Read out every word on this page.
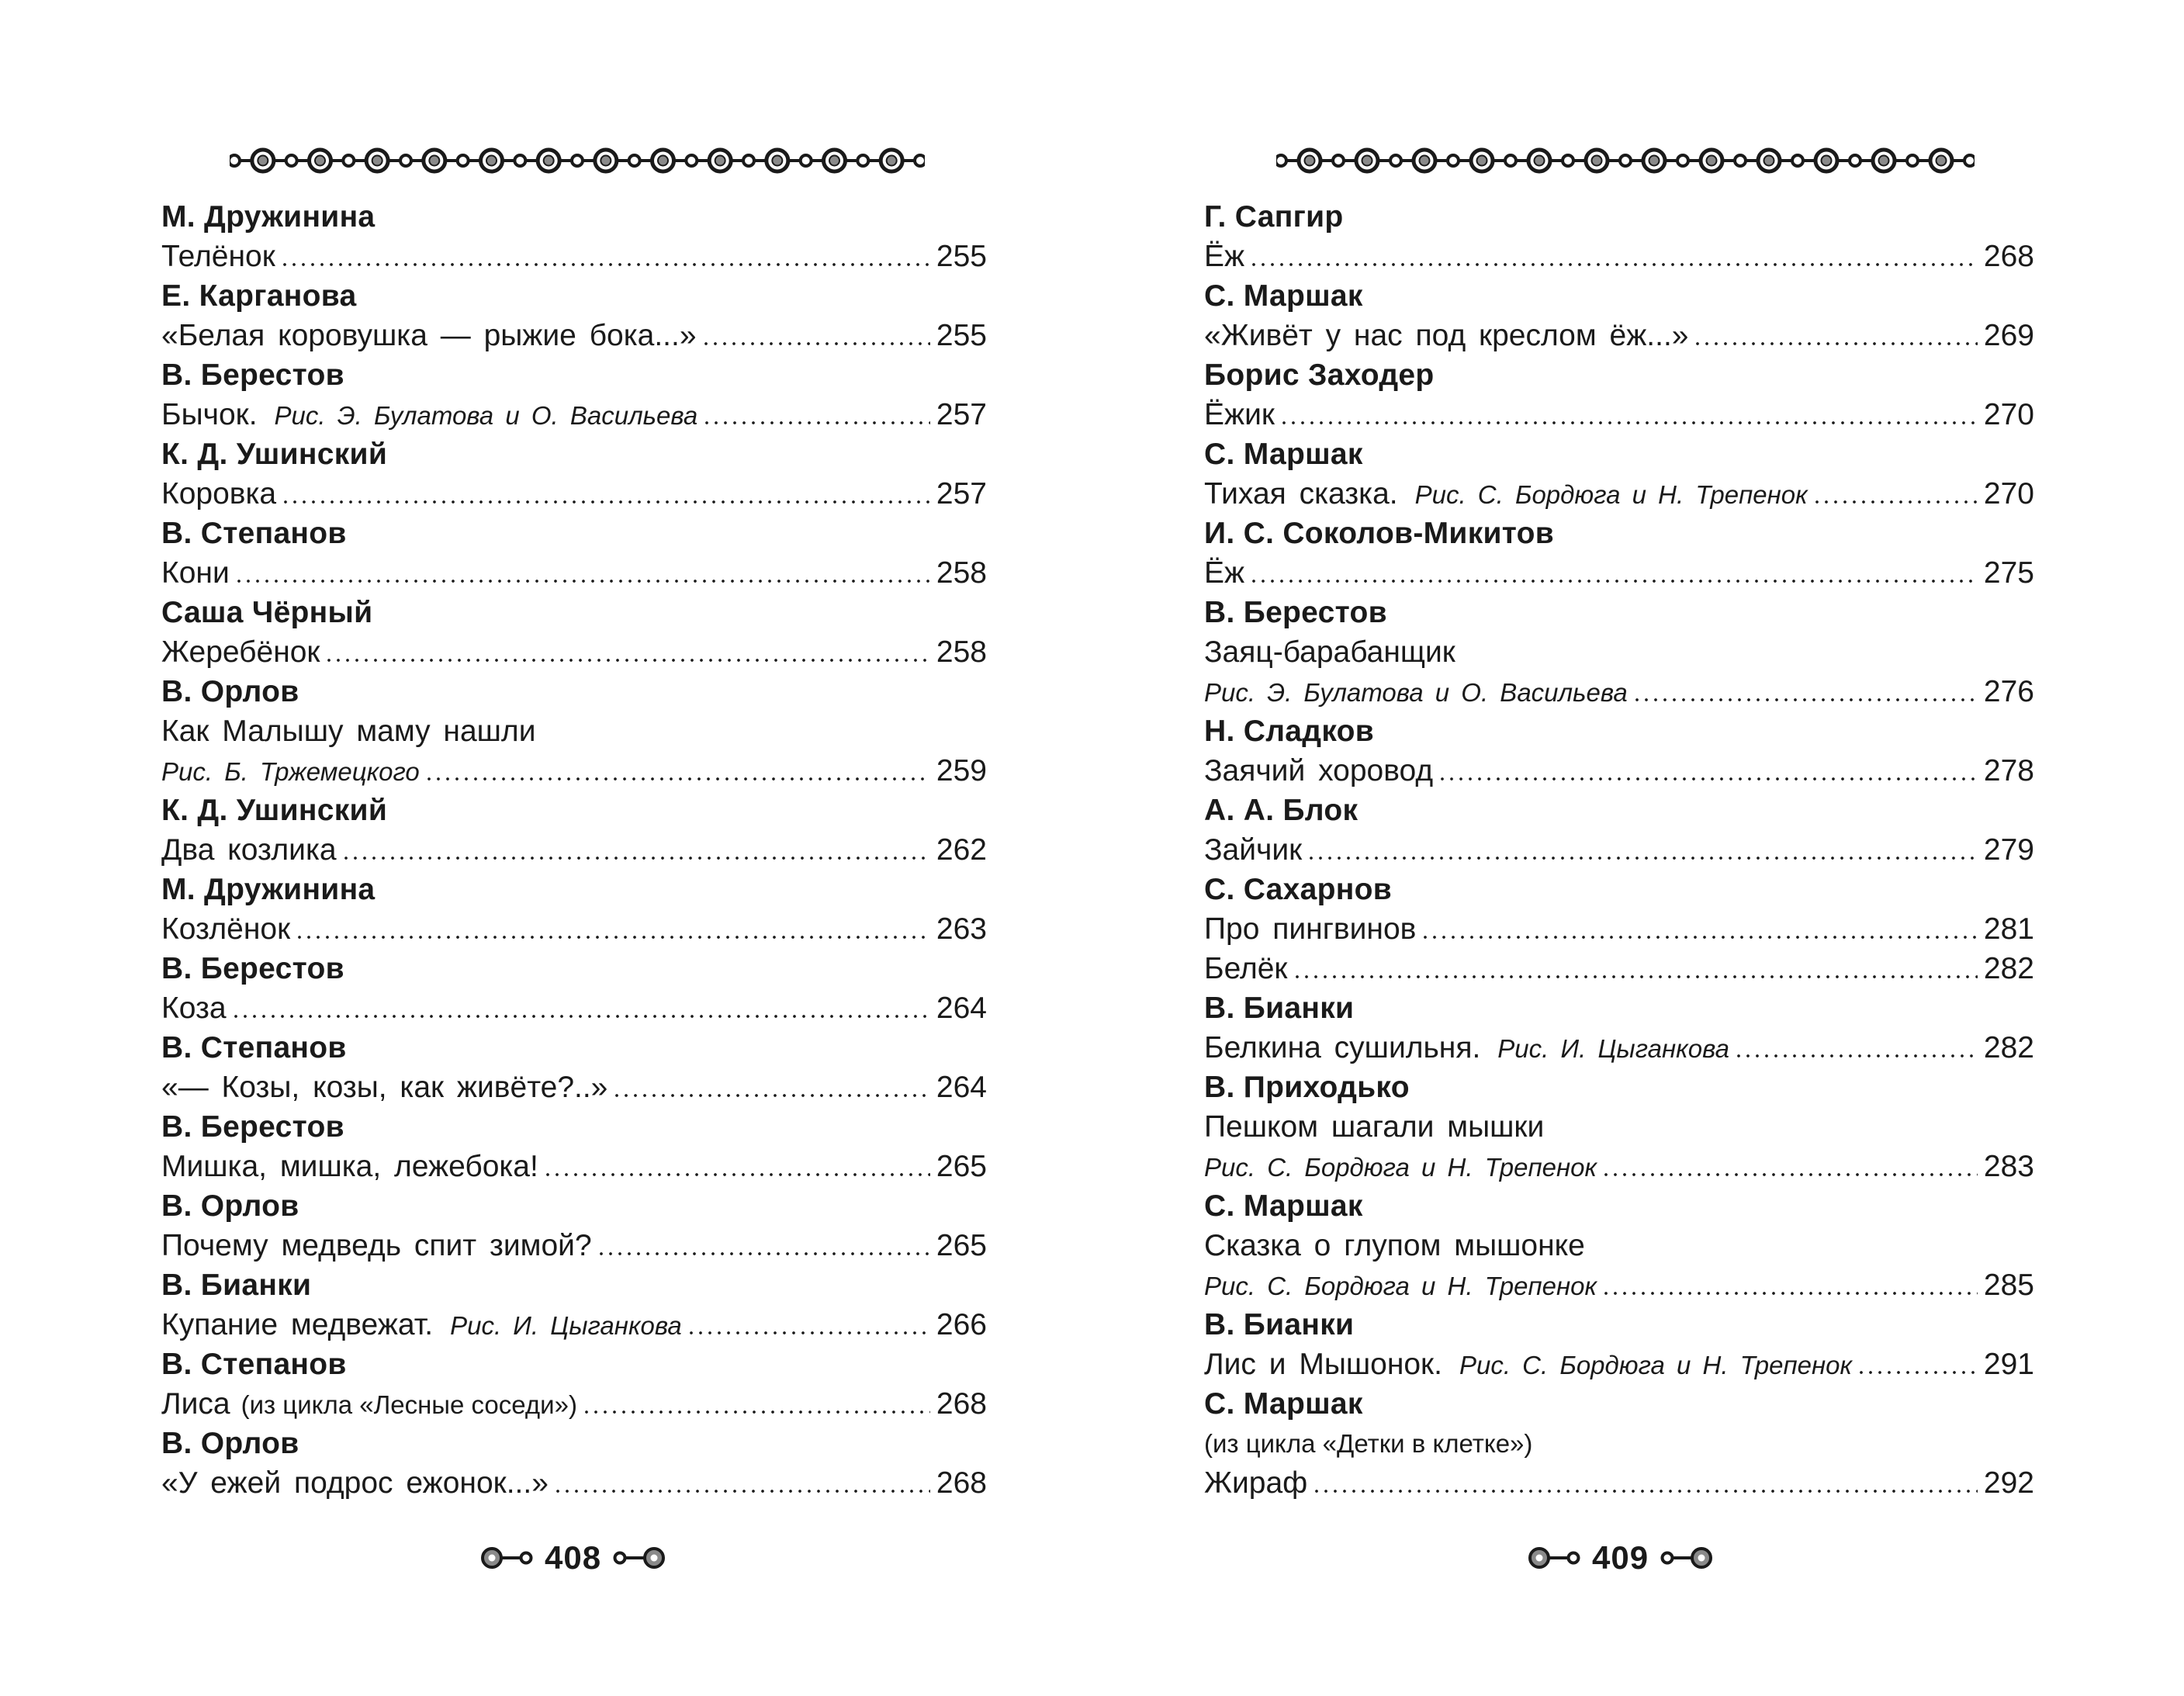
М. Дружинина
Телёнок	255
Е. Карганова
«Белая коровушка — рыжие бока...»	255
В. Берестов
Бычок. Рис. Э. Булатова и О. Васильева	257
К. Д. Ушинский
Коровка	257
В. Степанов
Кони	258
Саша Чёрный
Жеребёнок	258
В. Орлов
Как Малышу маму нашли
Рис. Б. Тржемецкого	259
К. Д. Ушинский
Два козлика	262
М. Дружинина
Козлёнок	263
В. Берестов
Коза	264
В. Степанов
«— Козы, козы, как живёте?..»	264
В. Берестов
Мишка, мишка, лежебока!	265
В. Орлов
Почему медведь спит зимой?	265
В. Бианки
Купание медвежат. Рис. И. Цыганкова	266
В. Степанов
Лиса (из цикла «Лесные соседи»)	268
В. Орлов
«У ежей подрос ежонок...»	268
408
Г. Сапгир
Ёж	268
С. Маршак
«Живёт у нас под креслом ёж...»	269
Борис Заходер
Ёжик	270
С. Маршак
Тихая сказка. Рис. С. Бордюга и Н. Трепенок	270
И. С. Соколов-Микитов
Ёж	275
В. Берестов
Заяц-барабанщик
Рис. Э. Булатова и О. Васильева	276
Н. Сладков
Заячий хоровод	278
А. А. Блок
Зайчик	279
С. Сахарнов
Про пингвинов	281
Белёк	282
В. Бианки
Белкина сушильня. Рис. И. Цыганкова	282
В. Приходько
Пешком шагали мышки
Рис. С. Бордюга и Н. Трепенок	283
С. Маршак
Сказка о глупом мышонке
Рис. С. Бордюга и Н. Трепенок	285
В. Бианки
Лис и Мышонок. Рис. С. Бордюга и Н. Трепенок	291
С. Маршак
(из цикла «Детки в клетке»)
Жираф	292
409
